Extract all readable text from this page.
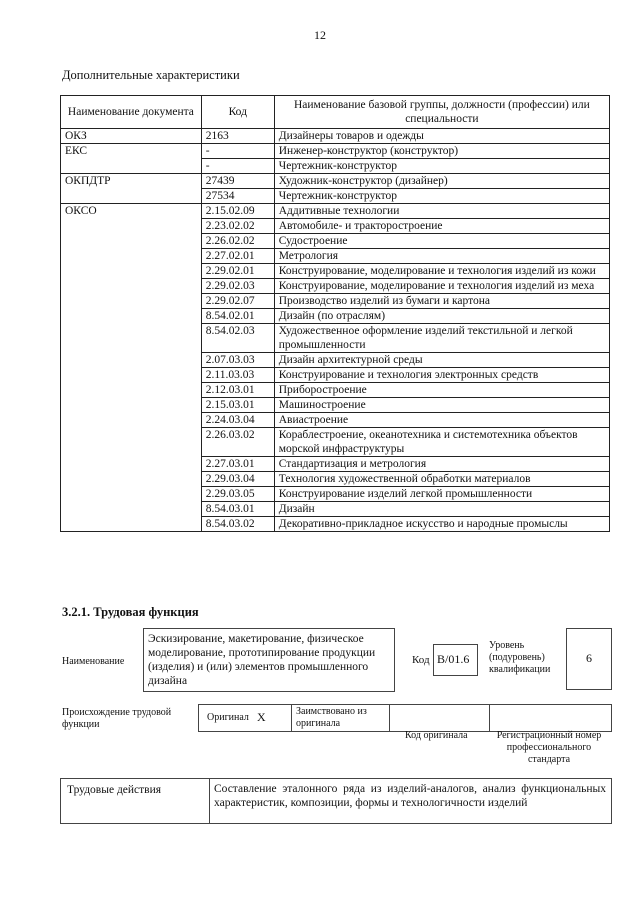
12
Дополнительные характеристики
Наименование документа	Код	Наименование базовой группы, должности (профессии) или специальности
ОКЗ	2163	Дизайнеры товаров и одежды
ЕКС	-	Инженер-конструктор (конструктор)
	-	Чертежник-конструктор
ОКПДТР	27439	Художник-конструктор (дизайнер)
	27534	Чертежник-конструктор
ОКСО	2.15.02.09	Аддитивные технологии
	2.23.02.02	Автомобиле- и тракторостроение
	2.26.02.02	Судостроение
	2.27.02.01	Метрология
	2.29.02.01	Конструирование, моделирование и технология изделий из кожи
	2.29.02.03	Конструирование, моделирование и технология изделий из меха
	2.29.02.07	Производство изделий из бумаги и картона
	8.54.02.01	Дизайн (по отраслям)
	8.54.02.03	Художественное оформление изделий текстильной и легкой промышленности
	2.07.03.03	Дизайн архитектурной среды
	2.11.03.03	Конструирование и технология электронных средств
	2.12.03.01	Приборостроение
	2.15.03.01	Машиностроение
	2.24.03.04	Авиастроение
	2.26.03.02	Кораблестроение, океанотехника и системотехника объектов морской инфраструктуры
	2.27.03.01	Стандартизация и метрология
	2.29.03.04	Технология художественной обработки материалов
	2.29.03.05	Конструирование изделий легкой промышленности
	8.54.03.01	Дизайн
	8.54.03.02	Декоративно-прикладное искусство и народные промыслы
3.2.1. Трудовая функция
Наименование
Эскизирование, макетирование, физическое моделирование, прототипирование продукции (изделия) и (или) элементов промышленного дизайна
Код B/01.6
Уровень (подуровень) квалификации
6
Происхождение трудовой функции
Оригинал X	Заимствовано из оригинала
Код оригинала	Регистрационный номер профессионального стандарта
Трудовые действия	Составление эталонного ряда из изделий-аналогов, анализ функциональных характеристик, композиции, формы и технологичности изделий
